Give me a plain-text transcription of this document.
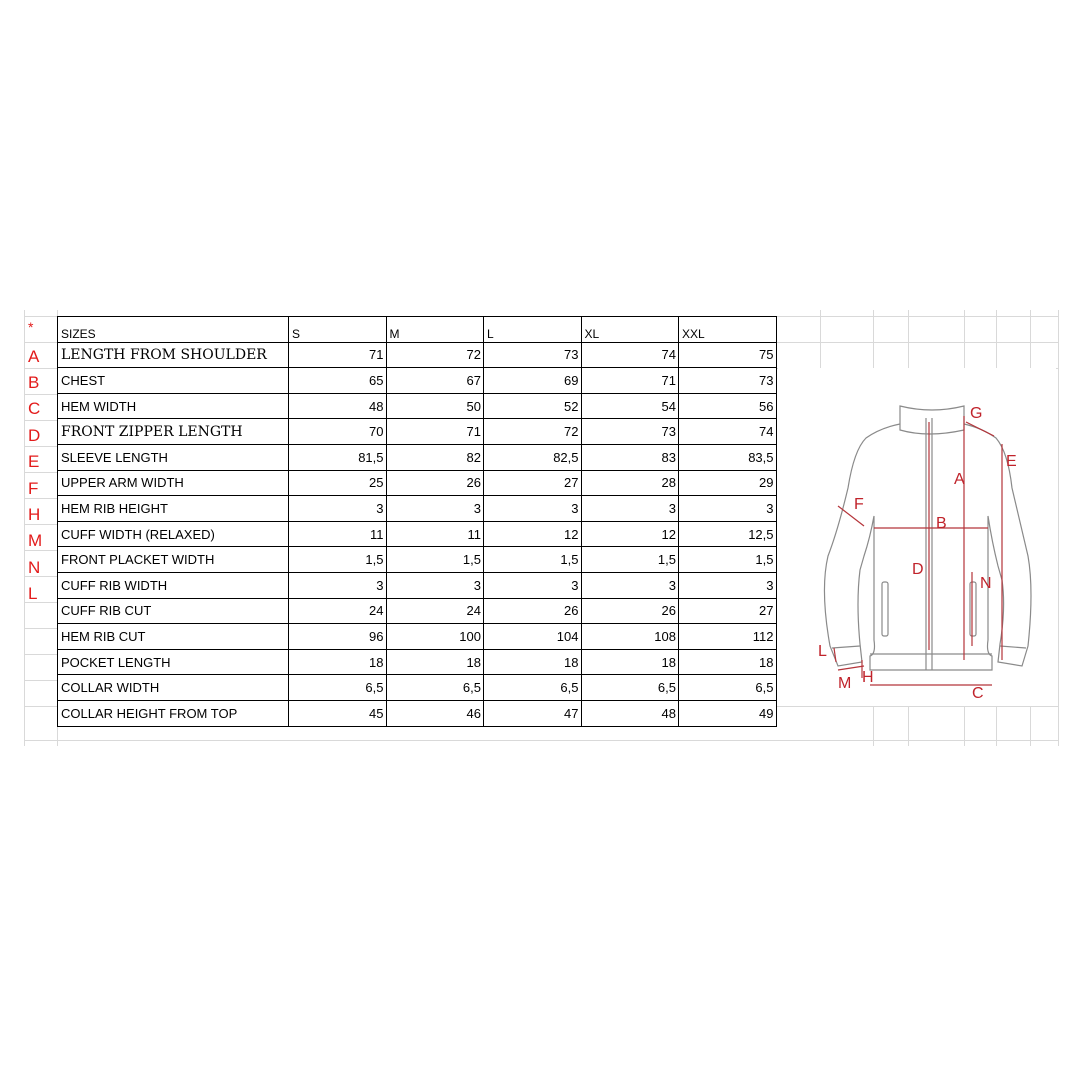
*
A
B
C
D
E
F
H
M
N
L
SIZES	S	M	L	XL	XXL
LENGTH FROM SHOULDER	71	72	73	74	75
CHEST	65	67	69	71	73
HEM WIDTH	48	50	52	54	56
FRONT ZIPPER LENGTH	70	71	72	73	74
SLEEVE LENGTH	81,5	82	82,5	83	83,5
UPPER ARM WIDTH	25	26	27	28	29
HEM RIB HEIGHT	3	3	3	3	3
CUFF WIDTH (RELAXED)	11	11	12	12	12,5
FRONT PLACKET WIDTH	1,5	1,5	1,5	1,5	1,5
CUFF RIB WIDTH	3	3	3	3	3
CUFF RIB CUT	24	24	26	26	27
HEM RIB CUT	96	100	104	108	112
POCKET LENGTH	18	18	18	18	18
COLLAR WIDTH	6,5	6,5	6,5	6,5	6,5
COLLAR HEIGHT FROM TOP	45	46	47	48	49
A
B
C
D
E
F
G
H
L
M
N
